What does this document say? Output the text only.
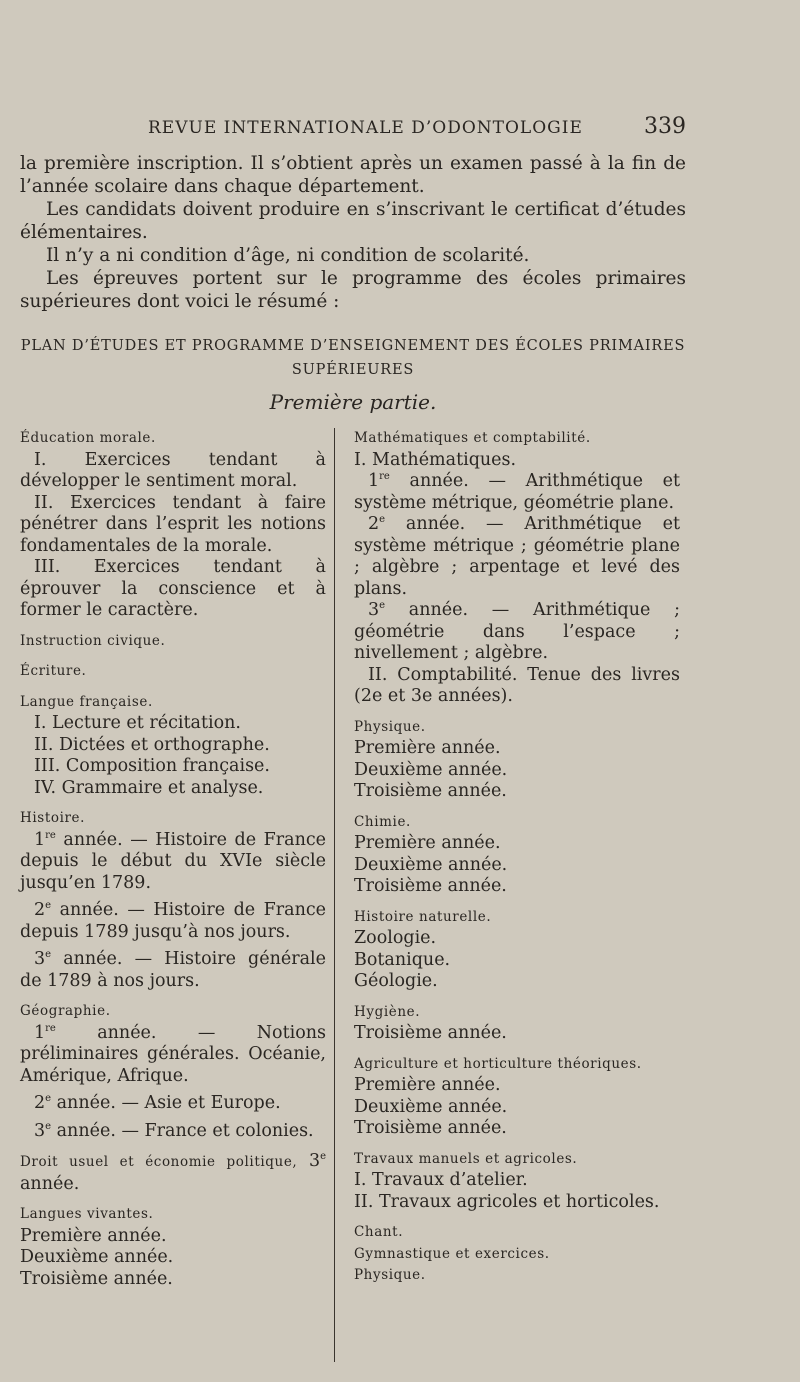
REVUE INTERNATIONALE D’ODONTOLOGIE	339

la première inscription. Il s’obtient après un examen passé à la fin de l’année scolaire dans chaque département.

Les candidats doivent produire en s’inscrivant le certificat d’études élémentaires.

Il n’y a ni condition d’âge, ni condition de scolarité.

Les épreuves portent sur le programme des écoles primaires supérieures dont voici le résumé :

PLAN D’ÉTUDES ET PROGRAMME D’ENSEIGNEMENT DES ÉCOLES PRIMAIRES
SUPÉRIEURES
Première partie.

Éducation morale.

I. Exercices tendant à développer le sentiment moral.

II. Exercices tendant à faire pénétrer dans l’esprit les notions fondamentales de la morale.

III. Exercices tendant à éprouver la conscience et à former le caractère.

Instruction civique.

Écriture.

Langue française.

I. Lecture et récitation.

II. Dictées et orthographe.

III. Composition française.

IV. Grammaire et analyse.

Histoire.

1re année. — Histoire de France depuis le début du XVIe siècle jusqu’en 1789.

2e année. — Histoire de France depuis 1789 jusqu’à nos jours.

3e année. — Histoire générale de 1789 à nos jours.

Géographie.

1re année. — Notions préliminaires générales. Océanie, Amérique, Afrique.

2e année. — Asie et Europe.

3e année. — France et colonies.

Droit usuel et économie politique, 3e année.

Langues vivantes.

Première année.

Deuxième année.

Troisième année.

Mathématiques et comptabilité.

I. Mathématiques.

1re année. — Arithmétique et système métrique, géométrie plane.

2e année. — Arithmétique et système métrique ; géométrie plane ; algèbre ; arpentage et levé des plans.

3e année. — Arithmétique ; géométrie dans l’espace ; nivellement ; algèbre.

II. Comptabilité. Tenue des livres (2e et 3e années).

Physique.

Première année.

Deuxième année.

Troisième année.

Chimie.

Première année.

Deuxième année.

Troisième année.

Histoire naturelle.

Zoologie.

Botanique.

Géologie.

Hygiène.

Troisième année.

Agriculture et horticulture théoriques.

Première année.

Deuxième année.

Troisième année.

Travaux manuels et agricoles.

I. Travaux d’atelier.

II. Travaux agricoles et horticoles.

Chant.

Gymnastique et exercices.

Physique.
